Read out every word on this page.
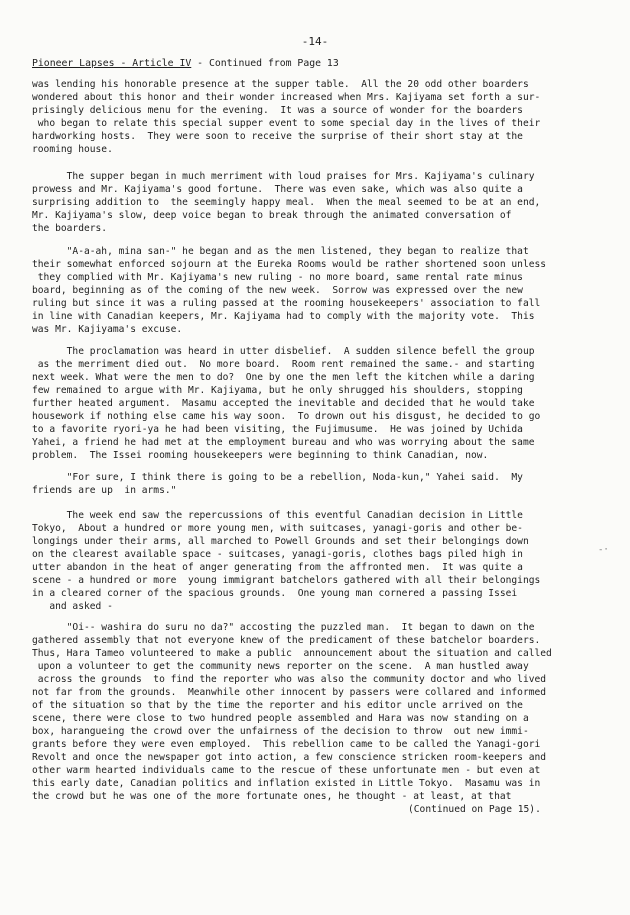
-14-
Pioneer Lapses - Article IV - Continued from Page 13
was lending his honorable presence at the supper table.  All the 20 odd other boarders
wondered about this honor and their wonder increased when Mrs. Kajiyama set forth a sur-
prisingly delicious menu for the evening.  It was a source of wonder for the boarders
who began to relate this special supper event to some special day in the lives of their
hardworking hosts.  They were soon to receive the surprise of their short stay at the
rooming house.
The supper began in much merriment with loud praises for Mrs. Kajiyama's culinary
prowess and Mr. Kajiyama's good fortune.  There was even sake, which was also quite a
surprising addition to  the seemingly happy meal.  When the meal seemed to be at an end,
Mr. Kajiyama's slow, deep voice began to break through the animated conversation of
the boarders.
"A-a-ah, mina san-" he began and as the men listened, they began to realize that
their somewhat enforced sojourn at the Eureka Rooms would be rather shortened soon unless
they complied with Mr. Kajiyama's new ruling - no more board, same rental rate minus
board, beginning as of the coming of the new week.  Sorrow was expressed over the new
ruling but since it was a ruling passed at the rooming housekeepers' association to fall
in line with Canadian keepers, Mr. Kajiyama had to comply with the majority vote.  This
was Mr. Kajiyama's excuse.
The proclamation was heard in utter disbelief.  A sudden silence befell the group
as the merriment died out.  No more board.  Room rent remained the same.- and starting
next week. What were the men to do?  One by one the men left the kitchen while a daring
few remained to argue with Mr. Kajiyama, but he only shrugged his shoulders, stopping
further heated argument.  Masamu accepted the inevitable and decided that he would take
housework if nothing else came his way soon.  To drown out his disgust, he decided to go
to a favorite ryori-ya he had been visiting, the Fujimusume.  He was joined by Uchida
Yahei, a friend he had met at the employment bureau and who was worrying about the same
problem.  The Issei rooming housekeepers were beginning to think Canadian, now.
"For sure, I think there is going to be a rebellion, Noda-kun," Yahei said.  My
friends are up  in arms."
The week end saw the repercussions of this eventful Canadian decision in Little
Tokyo,  About a hundred or more young men, with suitcases, yanagi-goris and other be-
longings under their arms, all marched to Powell Grounds and set their belongings down
on the clearest available space - suitcases, yanagi-goris, clothes bags piled high in
utter abandon in the heat of anger generating from the affronted men.  It was quite a
scene - a hundred or more  young immigrant batchelors gathered with all their belongings
in a cleared corner of the spacious grounds.  One young man cornered a passing Issei
and asked -
"Oi-- washira do suru no da?" accosting the puzzled man.  It began to dawn on the
gathered assembly that not everyone knew of the predicament of these batchelor boarders.
Thus, Hara Tameo volunteered to make a public  announcement about the situation and called
upon a volunteer to get the community news reporter on the scene.  A man hustled away
across the grounds  to find the reporter who was also the community doctor and who lived
not far from the grounds.  Meanwhile other innocent by passers were collared and informed
of the situation so that by the time the reporter and his editor uncle arrived on the
scene, there were close to two hundred people assembled and Hara was now standing on a
box, harangueing the crowd over the unfairness of the decision to throw  out new immi-
grants before they were even employed.  This rebellion came to be called the Yanagi-gori
Revolt and once the newspaper got into action, a few conscience stricken room-keepers and
other warm hearted individuals came to the rescue of these unfortunate men - but even at
this early date, Canadian politics and inflation existed in Little Tokyo.  Masamu was in
the crowd but he was one of the more fortunate ones, he thought - at least, at that
(Continued on Page 15).
-·
